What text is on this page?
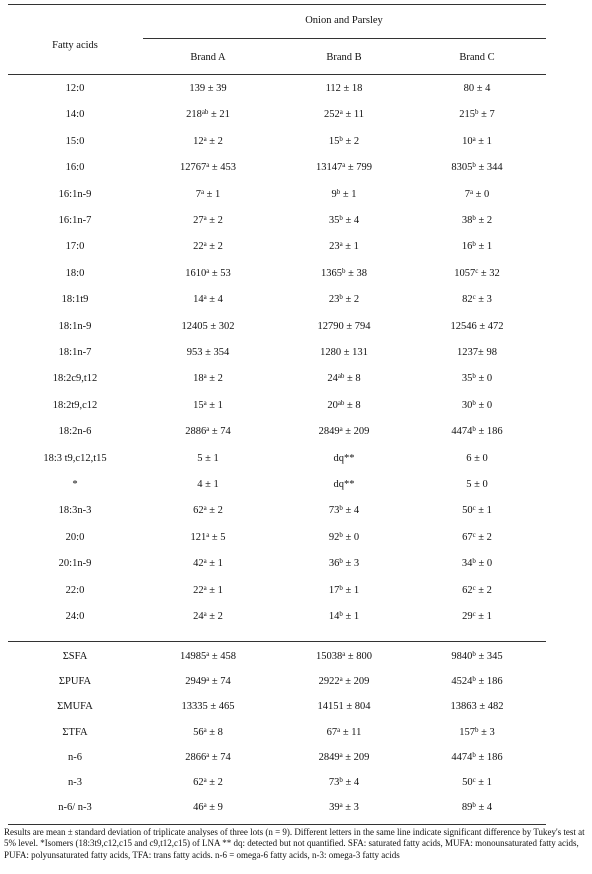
Onion and Parsley
Fatty acids
Brand A	Brand B	Brand C
12:0	139 ± 39	112 ± 18	80 ± 4
14:0	$218^{ab} \pm 21$	$252^a \pm 11$	$215^b \pm 7$
15:0	$12^a \pm 2$	$15^b \pm 2$	$10^a \pm 1$
16:0	$12767^a \pm 453$	$13147^a \pm 799$	$8305^b \pm 344$
16:1n-9	$7^a \pm 1$	$9^b \pm 1$	$7^a \pm 0$
16:1n-7	$27^a \pm 2$	$35^b \pm 4$	$38^b \pm 2$
17:0	$22^a \pm 2$	$23^a \pm 1$	$16^b \pm 1$
18:0	$1610^a \pm 53$	$1365^b \pm 38$	$1057^c \pm 32$
18:1t9	$14^a \pm 4$	$23^b \pm 2$	$82^c \pm 3$
18:1n-9	12405 ± 302	12790 ± 794	12546 ± 472
18:1n-7	953 ± 354	1280 ± 131	1237± 98
18:2c9,t12	$18^a \pm 2$	$24^{ab} \pm 8$	$35^b \pm 0$
18:2t9,c12	$15^a \pm 1$	$20^{ab} \pm 8$	$30^b \pm 0$
18:2n-6	$2886^a \pm 74$	$2849^a \pm 209$	$4474^b \pm 186$
18:3 t9,c12,t15	5 ± 1	dq**	6 ± 0
*	4 ± 1	dq**	5 ± 0
18:3n-3	$62^a \pm 2$	$73^b \pm 4$	$50^c \pm 1$
20:0	$121^a \pm 5$	$92^b \pm 0$	$67^c \pm 2$
20:1n-9	$42^a \pm 1$	$36^b \pm 3$	$34^b \pm 0$
22:0	$22^a \pm 1$	$17^b \pm 1$	$62^c \pm 2$
24:0	$24^a \pm 2$	$14^b \pm 1$	$29^c \pm 1$
ΣSFA	$14985^a \pm 458$	$15038^a \pm 800$	$9840^b \pm 345$
ΣPUFA	$2949^a \pm 74$	$2922^a \pm 209$	$4524^b \pm 186$
ΣMUFA	13335 ± 465	14151 ± 804	13863 ± 482
ΣTFA	$56^a \pm 8$	$67^a \pm 11$	$157^b \pm 3$
n-6	$2866^a \pm 74$	$2849^a \pm 209$	$4474^b \pm 186$
n-3	$62^a \pm 2$	$73^b \pm 4$	$50^c \pm 1$
n-6/ n-3	$46^a \pm 9$	$39^a \pm 3$	$89^b \pm 4$
Results are mean ± standard deviation of triplicate analyses of three lots (n = 9). Different letters in the same line indicate significant difference by Tukey's test at 5% level. *Isomers (18:3t9,c12,c15 and c9,t12,c15) of LNA ** dq: detected but not quantified. SFA: saturated fatty acids, MUFA: monounsaturated fatty acids, PUFA: polyunsaturated fatty acids, TFA: trans fatty acids. n-6 = omega-6 fatty acids, n-3: omega-3 fatty acids
